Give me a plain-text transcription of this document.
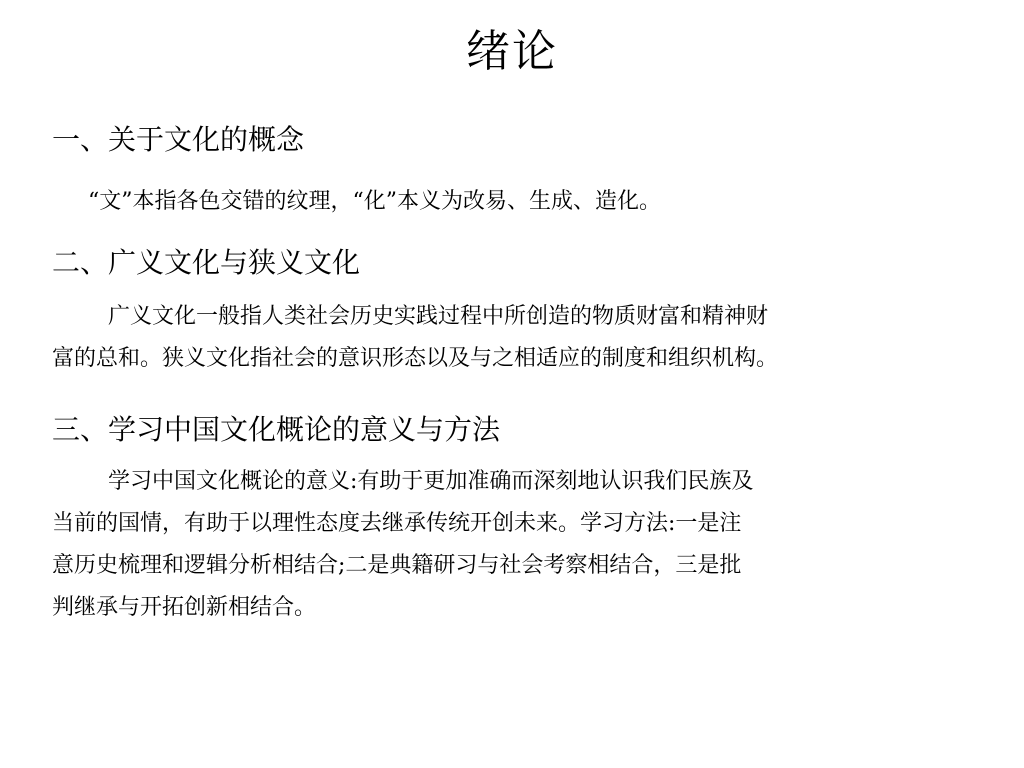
绪论
一、关于文化的概念
“文”本指各色交错的纹理，“化”本义为改易、生成、造化。
二、广义文化与狭义文化
广义文化一般指人类社会历史实践过程中所创造的物质财富和精神财
富的总和。狭义文化指社会的意识形态以及与之相适应的制度和组织机构。
三、学习中国文化概论的意义与方法
学习中国文化概论的意义:有助于更加准确而深刻地认识我们民族及
当前的国情，有助于以理性态度去继承传统开创未来。学习方法:一是注
意历史梳理和逻辑分析相结合;二是典籍研习与社会考察相结合，三是批
判继承与开拓创新相结合。
